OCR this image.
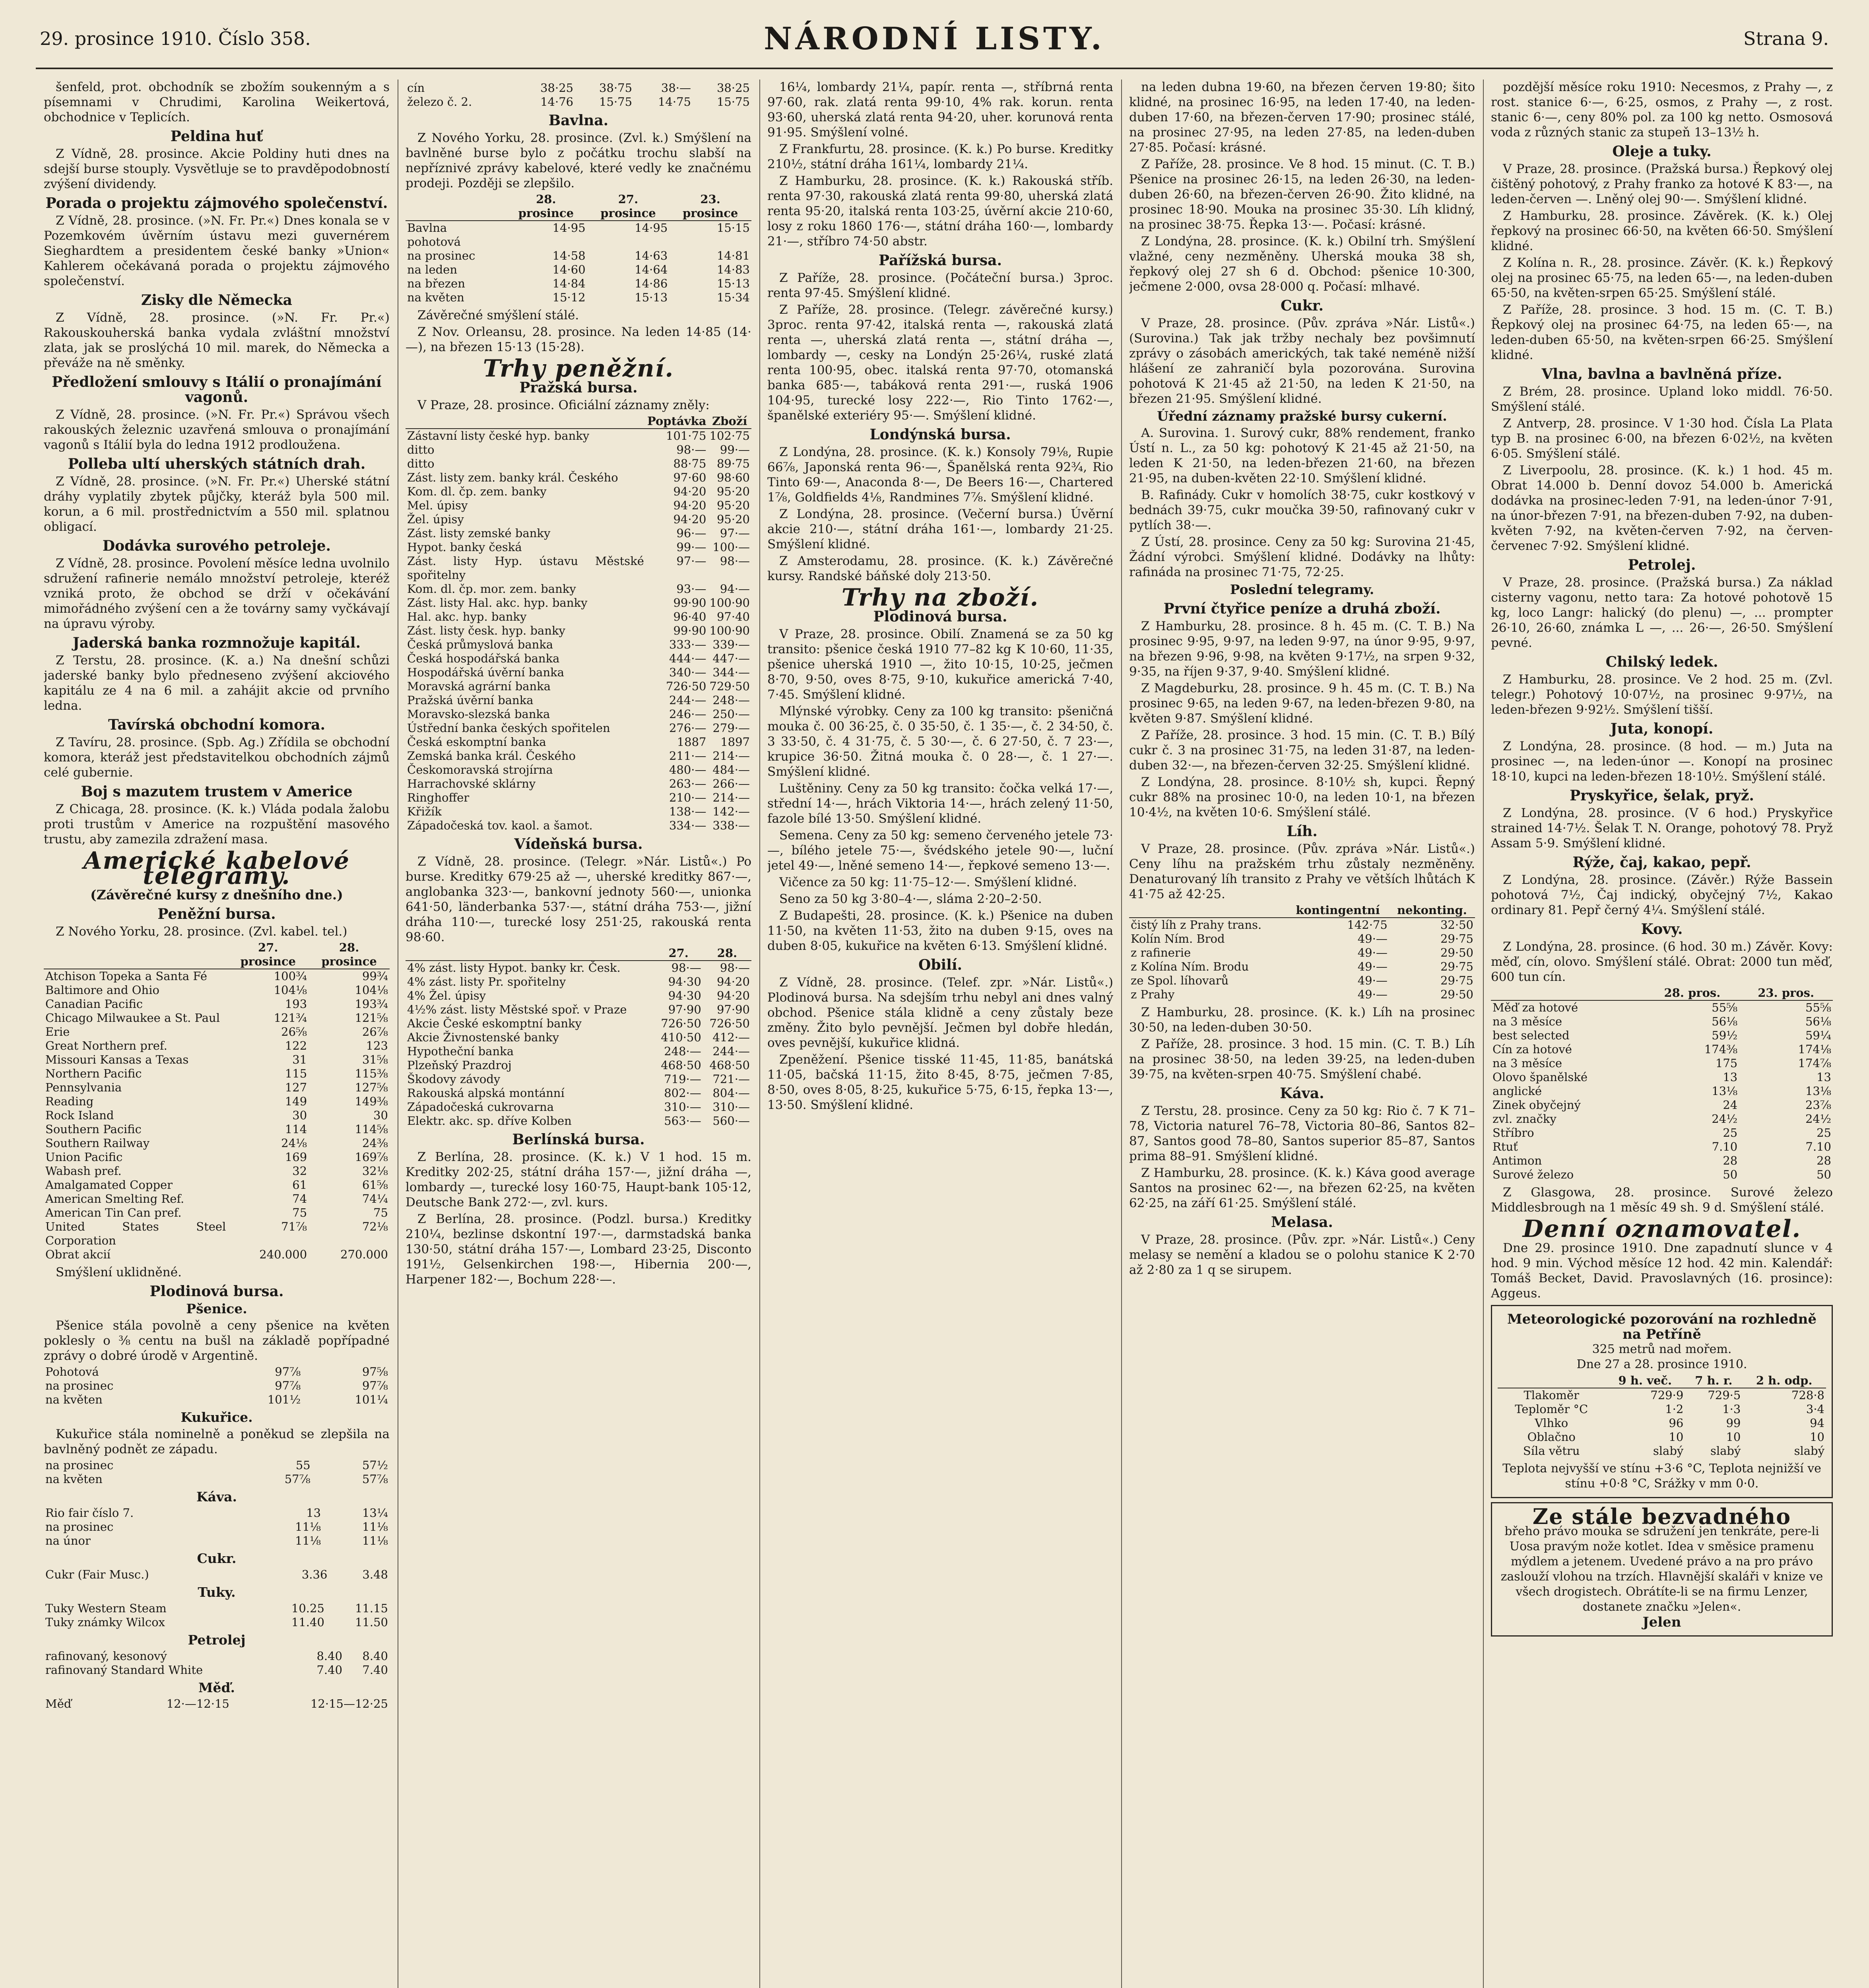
29. prosince 1910. Číslo 358.	NÁRODNÍ LISTY.	Strana 9.

šenfeld, prot. obchodník se zbožím soukenným a s písemnami v Chrudimi, Karolina Weikertová, obchodnice v Teplicích.

Peldina huť

Z Vídně, 28. prosince. Akcie Poldiny huti dnes na sdejší burse stouply. Vysvětluje se to pravděpodobností zvýšení dividendy.

Porada o projektu zájmového společenství.

Z Vídně, 28. prosince. (»N. Fr. Pr.«) Dnes konala se v Pozemkovém úvěrním ústavu mezi guvernérem Sieghardtem a presidentem české banky »Union« Kahlerem očekávaná porada o projektu zájmového společenství.

Zisky dle Německa

Z Vídně, 28. prosince. (»N. Fr. Pr.«) Rakouskouherská banka vydala zvláštní množství zlata, jak se proslýchá 10 mil. marek, do Německa a převáže na ně směnky.

Předložení smlouvy s Itálií o pronajímání vagonů.

Z Vídně, 28. prosince. (»N. Fr. Pr.«) Správou všech rakouských železnic uzavřená smlouva o pronajímání vagonů s Itálií byla do ledna 1912 prodloužena.

Polleba ultí uherských státních drah.

Z Vídně, 28. prosince. (»N. Fr. Pr.«) Uherské státní dráhy vyplatily zbytek půjčky, kteráž byla 500 mil. korun, a 6 mil. prostřednictvím a 550 mil. splatnou obligací.

Dodávka surového petroleje.

Z Vídně, 28. prosince. Povolení měsíce ledna uvolnilo sdružení rafinerie nemálo množství petroleje, kteréž vzniká proto, že obchod se drží v očekávání mimořádného zvýšení cen a že továrny samy vyčkávají na úpravu výroby.

Jaderská banka rozmnožuje kapitál.

Z Terstu, 28. prosince. (K. a.) Na dnešní schůzi jaderské banky bylo předneseno zvýšení akciového kapitálu ze 4 na 6 mil. a zahájit akcie od prvního ledna.

Tavírská obchodní komora.

Z Tavíru, 28. prosince. (Spb. Ag.) Zřídila se obchodní komora, kteráž jest představitelkou obchodních zájmů celé gubernie.

Boj s mazutem trustem v Americe

Z Chicaga, 28. prosince. (K. k.) Vláda podala žalobu proti trustům v Americe na rozpuštění masového trustu, aby zamezila zdražení masa.

Americké kabelové telegramy.
(Závěrečné kursy z dnešního dne.)
Peněžní bursa.

Z Nového Yorku, 28. prosince. (Zvl. kabel. tel.)

	27. prosince	28. prosince
Atchison Topeka a Santa Fé	100¾	99¾
Baltimore and Ohio	104⅛	104⅛
Canadian Pacific	193	193¾
Chicago Milwaukee a St. Paul	121¾	121⅝
Erie	26⅝	26⅞
Great Northern pref.	122	123
Missouri Kansas a Texas	31	31⅝
Northern Pacific	115	115⅜
Pennsylvania	127	127⅝
Reading	149	149⅜
Rock Island	30	30
Southern Pacific	114	114⅝
Southern Railway	24⅛	24⅜
Union Pacific	169	169⅞
Wabash pref.	32	32⅛
Amalgamated Copper	61	61⅝
American Smelting Ref.	74	74¼
American Tin Can pref.	75	75
United States Steel Corporation	71⅞	72⅛
Obrat akcií	240.000	270.000

Smýšlení uklidněné.

Plodinová bursa.
Pšenice.

Pšenice stála povolně a ceny pšenice na květen poklesly o ⅜ centu na bušl na základě popřípadné zprávy o dobré úrodě v Argentině.

Pohotová	97⅞	97⅝
na prosinec	97⅞	97⅞
na květen	101½	101¼
Kukuřice.

Kukuřice stála nominelně a poněkud se zlepšila na bavlněný podnět ze západu.

na prosinec	55	57½
na květen	57⅞	57⅞
Káva.
Rio fair číslo 7.	13	13¼
na prosinec	11⅛	11⅛
na únor	11⅛	11⅛
Cukr.
Cukr (Fair Musc.)	3.36	3.48
Tuky.
Tuky Western Steam	10.25	11.15
Tuky známky Wilcox	11.40	11.50
Petrolej
rafinovaný, kesonový	8.40	8.40
rafinovaný Standard White	7.40	7.40
Měď.
Měď	12·—12·15	12·15—12·25
cín	38·25	38·75	38·—	38·25
železo č. 2.	14·76	15·75	14·75	15·75
Bavlna.

Z Nového Yorku, 28. prosince. (Zvl. k.) Smýšlení na bavlněné burse bylo z počátku trochu slabší na nepříznivé zprávy kabelové, které vedly ke značnému prodeji. Později se zlepšilo.

	28. prosince	27. prosince	23. prosince
Bavlna pohotová	14·95	14·95	15·15
na prosinec	14·58	14·63	14·81
na leden	14·60	14·64	14·83
na březen	14·84	14·86	15·13
na květen	15·12	15·13	15·34

Závěrečné smýšlení stálé.

Z Nov. Orleansu, 28. prosince. Na leden 14·85 (14·—), na březen 15·13 (15·28).

Trhy peněžní.
Pražská bursa.

V Praze, 28. prosince. Oficiální záznamy zněly:

	Poptávka	Zboží
Zástavní listy české hyp. banky	101·75	102·75
ditto	98·—	99·—
ditto	88·75	89·75
Zást. listy zem. banky král. Českého	97·60	98·60
Kom. dl. čp. zem. banky	94·20	95·20
Mel. úpisy	94·20	95·20
Žel. úpisy	94·20	95·20
Zást. listy zemské banky	96·—	97·—
Hypot. banky česká	99·—	100·—
Zást. listy Hyp. ústavu Městské spořitelny	97·—	98·—
Kom. dl. čp. mor. zem. banky	93·—	94·—
Zást. listy Hal. akc. hyp. banky	99·90	100·90
Hal. akc. hyp. banky	96·40	97·40
Zást. listy česk. hyp. banky	99·90	100·90
Česká průmyslová banka	333·—	339·—
Česká hospodářská banka	444·—	447·—
Hospodářská úvěrní banka	340·—	344·—
Moravská agrární banka	726·50	729·50
Pražská úvěrní banka	244·—	248·—
Moravsko-slezská banka	246·—	250·—
Ústřední banka českých spořitelen	276·—	279·—
Česká eskomptní banka	1887	1897
Zemská banka král. Českého	211·—	214·—
Českomoravská strojírna	480·—	484·—
Harrachovské sklárny	263·—	266·—
Ringhoffer	210·—	214·—
Křižík	138·—	142·—
Západočeská tov. kaol. a šamot.	334·—	338·—
Vídeňská bursa.

Z Vídně, 28. prosince. (Telegr. »Nár. Listů«.) Po burse. Kreditky 679·25 až —, uherské kreditky 867·—, anglobanka 323·—, bankovní jednoty 560·—, unionka 641·50, länderbanka 537·—, státní dráha 753·—, jižní dráha 110·—, turecké losy 251·25, rakouská renta 98·60.

	27.	28.
4% zást. listy Hypot. banky kr. Česk.	98·—	98·—
4% zást. listy Pr. spořitelny	94·30	94·20
4% Žel. úpisy	94·30	94·20
4½% zást. listy Městské spoř. v Praze	97·90	97·90
Akcie České eskomptní banky	726·50	726·50
Akcie Živnostenské banky	410·50	412·—
Hypotheční banka	248·—	244·—
Plzeňský Prazdroj	468·50	468·50
Škodovy závody	719·—	721·—
Rakouská alpská montánní	802·—	804·—
Západočeská cukrovarna	310·—	310·—
Elektr. akc. sp. dříve Kolben	563·—	560·—
Berlínská bursa.

Z Berlína, 28. prosince. (K. k.) V 1 hod. 15 m. Kreditky 202·25, státní dráha 157·—, jižní dráha —, lombardy —, turecké losy 160·75, Haupt-bank 105·12, Deutsche Bank 272·—, zvl. kurs.

Z Berlína, 28. prosince. (Podzl. bursa.) Kreditky 210¼, bezlinse dskontní 197·—, darmstadská banka 130·50, státní dráha 157·—, Lombard 23·25, Disconto 191½, Gelsenkirchen 198·—, Hibernia 200·—, Harpener 182·—, Bochum 228·—.

16¼, lombardy 21¼, papír. renta —, stříbrná renta 97·60, rak. zlatá renta 99·10, 4% rak. korun. renta 93·60, uherská zlatá renta 94·20, uher. korunová renta 91·95. Smýšlení volné.

Z Frankfurtu, 28. prosince. (K. k.) Po burse. Kreditky 210½, státní dráha 161¼, lombardy 21¼.

Z Hamburku, 28. prosince. (K. k.) Rakouská stříb. renta 97·30, rakouská zlatá renta 99·80, uherská zlatá renta 95·20, italská renta 103·25, úvěrní akcie 210·60, losy z roku 1860 176·—, státní dráha 160·—, lombardy 21·—, stříbro 74·50 abstr.

Pařížská bursa.

Z Paříže, 28. prosince. (Počáteční bursa.) 3proc. renta 97·45. Smýšlení klidné.

Z Paříže, 28. prosince. (Telegr. závěrečné kursy.) 3proc. renta 97·42, italská renta —, rakouská zlatá renta —, uherská zlatá renta —, státní dráha —, lombardy —, cesky na Londýn 25·26¼, ruské zlatá renta 100·95, obec. italská renta 97·70, otomanská banka 685·—, tabáková renta 291·—, ruská 1906 104·95, turecké losy 222·—, Rio Tinto 1762·—, španělské exteriéry 95·—. Smýšlení klidné.

Londýnská bursa.

Z Londýna, 28. prosince. (K. k.) Konsoly 79⅛, Rupie 66⅞, Japonská renta 96·—, Španělská renta 92¾, Rio Tinto 69·—, Anaconda 8·—, De Beers 16·—, Chartered 1⅞, Goldfields 4⅛, Randmines 7⅞. Smýšlení klidné.

Z Londýna, 28. prosince. (Večerní bursa.) Úvěrní akcie 210·—, státní dráha 161·—, lombardy 21·25. Smýšlení klidné.

Z Amsterodamu, 28. prosince. (K. k.) Závěrečné kursy. Randské báňské doly 213·50.

Trhy na zboží.
Plodinová bursa.

V Praze, 28. prosince. Obilí. Znamená se za 50 kg transito: pšenice česká 1910 77–82 kg K 10·60, 11·35, pšenice uherská 1910 —, žito 10·15, 10·25, ječmen 8·70, 9·50, oves 8·75, 9·10, kukuřice americká 7·40, 7·45. Smýšlení klidné.

Mlýnské výrobky. Ceny za 100 kg transito: pšeničná mouka č. 00 36·25, č. 0 35·50, č. 1 35·—, č. 2 34·50, č. 3 33·50, č. 4 31·75, č. 5 30·—, č. 6 27·50, č. 7 23·—, krupice 36·50. Žitná mouka č. 0 28·—, č. 1 27·—. Smýšlení klidné.

Luštěniny. Ceny za 50 kg transito: čočka velká 17·—, střední 14·—, hrách Viktoria 14·—, hrách zelený 11·50, fazole bílé 13·50. Smýšlení klidné.

Semena. Ceny za 50 kg: semeno červeného jetele 73·—, bílého jetele 75·—, švédského jetele 90·—, luční jetel 49·—, lněné semeno 14·—, řepkové semeno 13·—.

Vičence za 50 kg: 11·75–12·—. Smýšlení klidné.

Seno za 50 kg 3·80–4·—, sláma 2·20–2·50.

Z Budapešti, 28. prosince. (K. k.) Pšenice na duben 11·50, na květen 11·53, žito na duben 9·15, oves na duben 8·05, kukuřice na květen 6·13. Smýšlení klidné.

Obilí.

Z Vídně, 28. prosince. (Telef. zpr. »Nár. Listů«.) Plodinová bursa. Na sdejším trhu nebyl ani dnes valný obchod. Pšenice stála klidně a ceny zůstaly beze změny. Žito bylo pevnější. Ječmen byl dobře hledán, oves pevnější, kukuřice klidná.

Zpeněžení. Pšenice tisské 11·45, 11·85, banátská 11·05, bačská 11·15, žito 8·45, 8·75, ječmen 7·85, 8·50, oves 8·05, 8·25, kukuřice 5·75, 6·15, řepka 13·—, 13·50. Smýšlení klidné.

na leden dubna 19·60, na březen červen 19·80; šito klidné, na prosinec 16·95, na leden 17·40, na leden-duben 17·60, na březen-červen 17·90; prosinec stálé, na prosinec 27·95, na leden 27·85, na leden-duben 27·85. Počasí: krásné.

Z Paříže, 28. prosince. Ve 8 hod. 15 minut. (C. T. B.) Pšenice na prosinec 26·15, na leden 26·30, na leden-duben 26·60, na březen-červen 26·90. Žito klidné, na prosinec 18·90. Mouka na prosinec 35·30. Líh klidný, na prosinec 38·75. Řepka 13·—. Počasí: krásné.

Z Londýna, 28. prosince. (K. k.) Obilní trh. Smýšlení vlažné, ceny nezměněny. Uherská mouka 38 sh, řepkový olej 27 sh 6 d. Obchod: pšenice 10·300, ječmene 2·000, ovsa 28·000 q. Počasí: mlhavé.

Cukr.

V Praze, 28. prosince. (Pův. zpráva »Nár. Listů«.) (Surovina.) Tak jak tržby nechaly bez povšimnutí zprávy o zásobách amerických, tak také neméně nižší hlášení ze zahraničí byla pozorována. Surovina pohotová K 21·45 až 21·50, na leden K 21·50, na březen 21·95. Smýšlení klidné.

Úřední záznamy pražské bursy cukerní.

A. Surovina. 1. Surový cukr, 88% rendement, franko Ústí n. L., za 50 kg: pohotový K 21·45 až 21·50, na leden K 21·50, na leden-březen 21·60, na březen 21·95, na duben-květen 22·10. Smýšlení klidné.

B. Rafinády. Cukr v homolích 38·75, cukr kostkový v bednách 39·75, cukr moučka 39·50, rafinovaný cukr v pytlích 38·—.

Z Ústí, 28. prosince. Ceny za 50 kg: Surovina 21·45, Žádní výrobci. Smýšlení klidné. Dodávky na lhůty: rafináda na prosinec 71·75, 72·25.

Poslední telegramy.
První čtyřice peníze a druhá zboží.

Z Hamburku, 28. prosince. 8 h. 45 m. (C. T. B.) Na prosinec 9·95, 9·97, na leden 9·97, na únor 9·95, 9·97, na březen 9·96, 9·98, na květen 9·17½, na srpen 9·32, 9·35, na říjen 9·37, 9·40. Smýšlení klidné.

Z Magdeburku, 28. prosince. 9 h. 45 m. (C. T. B.) Na prosinec 9·65, na leden 9·67, na leden-březen 9·80, na květen 9·87. Smýšlení klidné.

Z Paříže, 28. prosince. 3 hod. 15 min. (C. T. B.) Bílý cukr č. 3 na prosinec 31·75, na leden 31·87, na leden-duben 32·—, na březen-červen 32·25. Smýšlení klidné.

Z Londýna, 28. prosince. 8·10½ sh, kupci. Řepný cukr 88% na prosinec 10·0, na leden 10·1, na březen 10·4½, na květen 10·6. Smýšlení stálé.

Líh.

V Praze, 28. prosince. (Pův. zpráva »Nár. Listů«.) Ceny líhu na pražském trhu zůstaly nezměněny. Denaturovaný líh transito z Prahy ve větších lhůtách K 41·75 až 42·25.

	kontingentní	nekonting.
čistý líh z Prahy trans.	142·75	32·50
Kolín Ním. Brod	49·—	29·75
z rafinerie	49·—	29·50
z Kolína Ním. Brodu	49·—	29·75
ze Spol. líhovarů	49·—	29·75
z Prahy	49·—	29·50

Z Hamburku, 28. prosince. (K. k.) Líh na prosinec 30·50, na leden-duben 30·50.

Z Paříže, 28. prosince. 3 hod. 15 min. (C. T. B.) Líh na prosinec 38·50, na leden 39·25, na leden-duben 39·75, na květen-srpen 40·75. Smýšlení chabé.

Káva.

Z Terstu, 28. prosince. Ceny za 50 kg: Rio č. 7 K 71–78, Victoria naturel 76–78, Victoria 80–86, Santos 82–87, Santos good 78–80, Santos superior 85–87, Santos prima 88–91. Smýšlení klidné.

Z Hamburku, 28. prosince. (K. k.) Káva good average Santos na prosinec 62·—, na březen 62·25, na květen 62·25, na září 61·25. Smýšlení stálé.

Melasa.

V Praze, 28. prosince. (Pův. zpr. »Nár. Listů«.) Ceny melasy se nemění a kladou se o polohu stanice K 2·70 až 2·80 za 1 q se sirupem.

pozdější měsíce roku 1910: Necesmos, z Prahy —, z rost. stanice 6·—, 6·25, osmos, z Prahy —, z rost. stanic 6·—, ceny 80% pol. za 100 kg netto. Osmosová voda z různých stanic za stupeň 13–13½ h.

Oleje a tuky.

V Praze, 28. prosince. (Pražská bursa.) Řepkový olej čištěný pohotový, z Prahy franko za hotové K 83·—, na leden-červen —. Lněný olej 90·—. Smýšlení klidné.

Z Hamburku, 28. prosince. Závěrek. (K. k.) Olej řepkový na prosinec 66·50, na květen 66·50. Smýšlení klidné.

Z Kolína n. R., 28. prosince. Závěr. (K. k.) Řepkový olej na prosinec 65·75, na leden 65·—, na leden-duben 65·50, na květen-srpen 65·25. Smýšlení stálé.

Z Paříže, 28. prosince. 3 hod. 15 m. (C. T. B.) Řepkový olej na prosinec 64·75, na leden 65·—, na leden-duben 65·50, na květen-srpen 66·25. Smýšlení klidné.

Vlna, bavlna a bavlněná příze.

Z Brém, 28. prosince. Upland loko middl. 76·50. Smýšlení stálé.

Z Antverp, 28. prosince. V 1·30 hod. Čísla La Plata typ B. na prosinec 6·00, na březen 6·02½, na květen 6·05. Smýšlení stálé.

Z Liverpoolu, 28. prosince. (K. k.) 1 hod. 45 m. Obrat 14.000 b. Denní dovoz 54.000 b. Americká dodávka na prosinec-leden 7·91, na leden-únor 7·91, na únor-březen 7·91, na březen-duben 7·92, na duben-květen 7·92, na květen-červen 7·92, na červen-červenec 7·92. Smýšlení klidné.

Petrolej.

V Praze, 28. prosince. (Pražská bursa.) Za náklad cisterny vagonu, netto tara: Za hotové pohotově 15 kg, loco Langr: halický (do plenu) —, ... prompter 26·10, 26·60, známka L —, ... 26·—, 26·50. Smýšlení pevné.

Chilský ledek.

Z Hamburku, 28. prosince. Ve 2 hod. 25 m. (Zvl. telegr.) Pohotový 10·07½, na prosinec 9·97½, na leden-březen 9·92½. Smýšlení tišší.

Juta, konopí.

Z Londýna, 28. prosince. (8 hod. — m.) Juta na prosinec —, na leden-únor —. Konopí na prosinec 18·10, kupci na leden-březen 18·10½. Smýšlení stálé.

Pryskyřice, šelak, pryž.

Z Londýna, 28. prosince. (V 6 hod.) Pryskyřice strained 14·7½. Šelak T. N. Orange, pohotový 78. Pryž Assam 5·9. Smýšlení klidné.

Rýže, čaj, kakao, pepř.

Z Londýna, 28. prosince. (Závěr.) Rýže Bassein pohotová 7½, Čaj indický, obyčejný 7½, Kakao ordinary 81. Pepř černý 4¼. Smýšlení stálé.

Kovy.

Z Londýna, 28. prosince. (6 hod. 30 m.) Závěr. Kovy: měď, cín, olovo. Smýšlení stálé. Obrat: 2000 tun měď, 600 tun cín.

	28. pros.	23. pros.
Měď za hotové	55⅝	55⅝
na 3 měsíce	56⅛	56⅛
best selected	59½	59¼
Cín za hotové	174⅜	174⅛
na 3 měsíce	175	174⅞
Olovo španělské	13	13
anglické	13⅛	13⅛
Zinek obyčejný	24	23⅞
zvl. značky	24½	24½
Stříbro	25	25
Rtuť	7.10	7.10
Antimon	28	28
Surové železo	50	50

Z Glasgowa, 28. prosince. Surové železo Middlesbrough na 1 měsíc 49 sh. 9 d. Smýšlení stálé.

Denní oznamovatel.

Dne 29. prosince 1910. Dne zapadnutí slunce v 4 hod. 9 min. Východ měsíce 12 hod. 42 min. Kalendář: Tomáš Becket, David. Pravoslavných (16. prosince): Aggeus.

Meteorologické pozorování na rozhledně na Petříně
325 metrů nad mořem.
Dne 27 a 28. prosince 1910.
	9 h. več.	7 h. r.	2 h. odp.
Tlakoměr	729·9	729·5	728·8
Teploměr °C	1·2	1·3	3·4
Vlhko	96	99	94
Oblačno	10	10	10
Síla větru	slabý	slabý	slabý
Teplota nejvyšší ve stínu +3·6 °C, Teplota nejnižší ve stínu +0·8 °C, Srážky v mm 0·0.
Ze stále bezvadného
břeho právo mouka se sdružení jen tenkráte, pere-li Uosa pravým nože kotlet. Idea v směsice pramenu mýdlem a jetenem. Uvedené právo a na pro právo zaslouží vlohou na trzích. Hlavnější skaláři v knize ve všech drogistech. Obrátíte-li se na firmu Lenzer, dostanete značku »Jelen«.
Jelen
